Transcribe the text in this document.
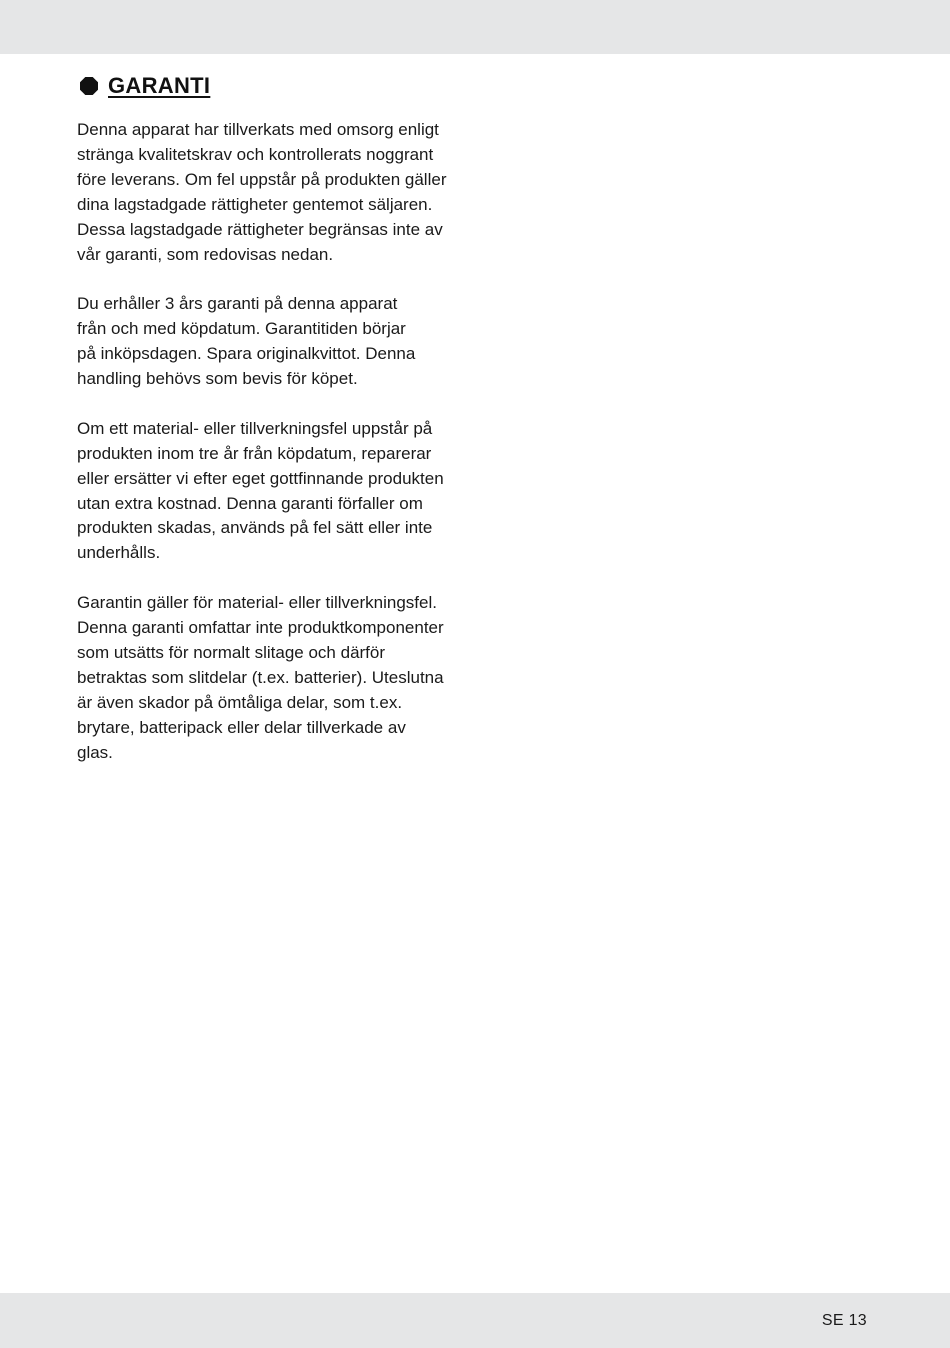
GARANTI

Denna apparat har tillverkats med omsorg enligt
stränga kvalitetskrav och kontrollerats noggrant
före leverans. Om fel uppstår på produkten gäller
dina lagstadgade rättigheter gentemot säljaren.
Dessa lagstadgade rättigheter begränsas inte av
vår garanti, som redovisas nedan.

Du erhåller 3 års garanti på denna apparat
från och med köpdatum. Garantitiden börjar
på inköpsdagen. Spara originalkvittot. Denna
handling behövs som bevis för köpet.

Om ett material- eller tillverkningsfel uppstår på
produkten inom tre år från köpdatum, reparerar
eller ersätter vi efter eget gottfinnande produkten
utan extra kostnad. Denna garanti förfaller om
produkten skadas, används på fel sätt eller inte
underhålls.

Garantin gäller för material- eller tillverkningsfel.
Denna garanti omfattar inte produktkomponenter
som utsätts för normalt slitage och därför
betraktas som slitdelar (t.ex. batterier). Uteslutna
är även skador på ömtåliga delar, som t.ex.
brytare, batteripack eller delar tillverkade av
glas.

SE 13
